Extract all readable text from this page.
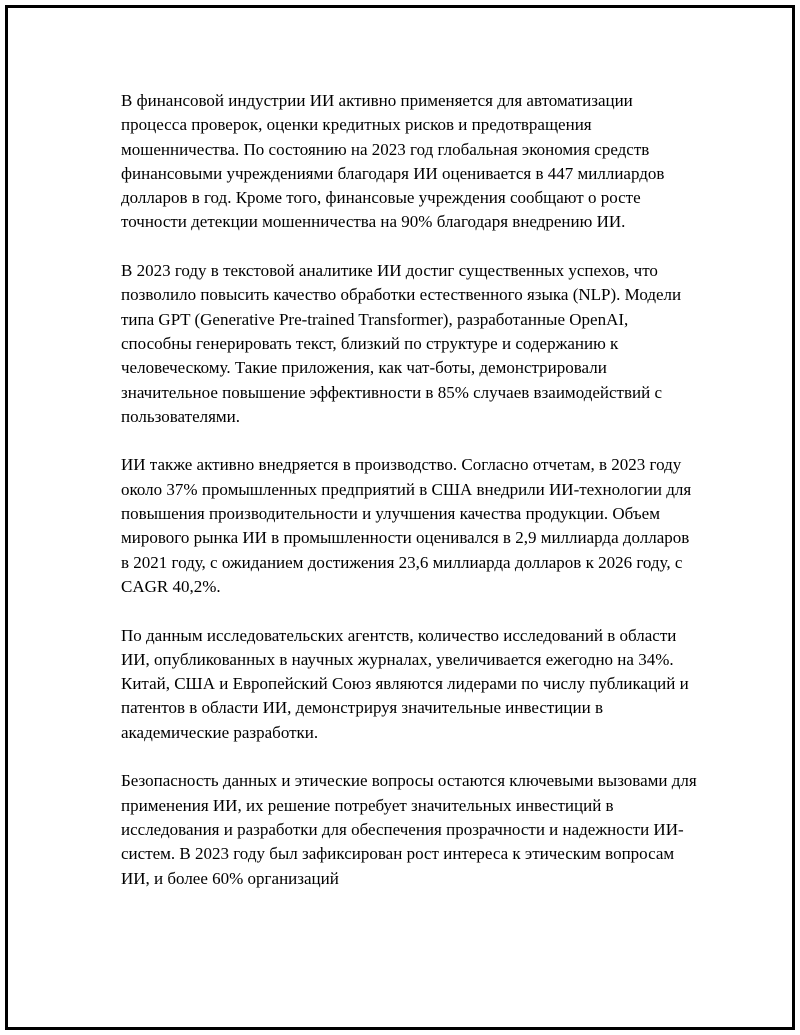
В финансовой индустрии ИИ активно применяется для автоматизации процесса проверок, оценки кредитных рисков и предотвращения мошенничества. По состоянию на 2023 год глобальная экономия средств финансовыми учреждениями благодаря ИИ оценивается в 447 миллиардов долларов в год. Кроме того, финансовые учреждения сообщают о росте точности детекции мошенничества на 90% благодаря внедрению ИИ.

В 2023 году в текстовой аналитике ИИ достиг существенных успехов, что позволило повысить качество обработки естественного языка (NLP). Модели типа GPT (Generative Pre-trained Transformer), разработанные OpenAI, способны генерировать текст, близкий по структуре и содержанию к человеческому. Такие приложения, как чат-боты, демонстрировали значительное повышение эффективности в 85% случаев взаимодействий с пользователями.

ИИ также активно внедряется в производство. Согласно отчетам, в 2023 году около 37% промышленных предприятий в США внедрили ИИ-технологии для повышения производительности и улучшения качества продукции. Объем мирового рынка ИИ в промышленности оценивался в 2,9 миллиарда долларов в 2021 году, с ожиданием достижения 23,6 миллиарда долларов к 2026 году, с CAGR 40,2%.

По данным исследовательских агентств, количество исследований в области ИИ, опубликованных в научных журналах, увеличивается ежегодно на 34%. Китай, США и Европейский Союз являются лидерами по числу публикаций и патентов в области ИИ, демонстрируя значительные инвестиции в академические разработки.

Безопасность данных и этические вопросы остаются ключевыми вызовами для применения ИИ, их решение потребует значительных инвестиций в исследования и разработки для обеспечения прозрачности и надежности ИИ-систем. В 2023 году был зафиксирован рост интереса к этическим вопросам ИИ, и более 60% организаций
